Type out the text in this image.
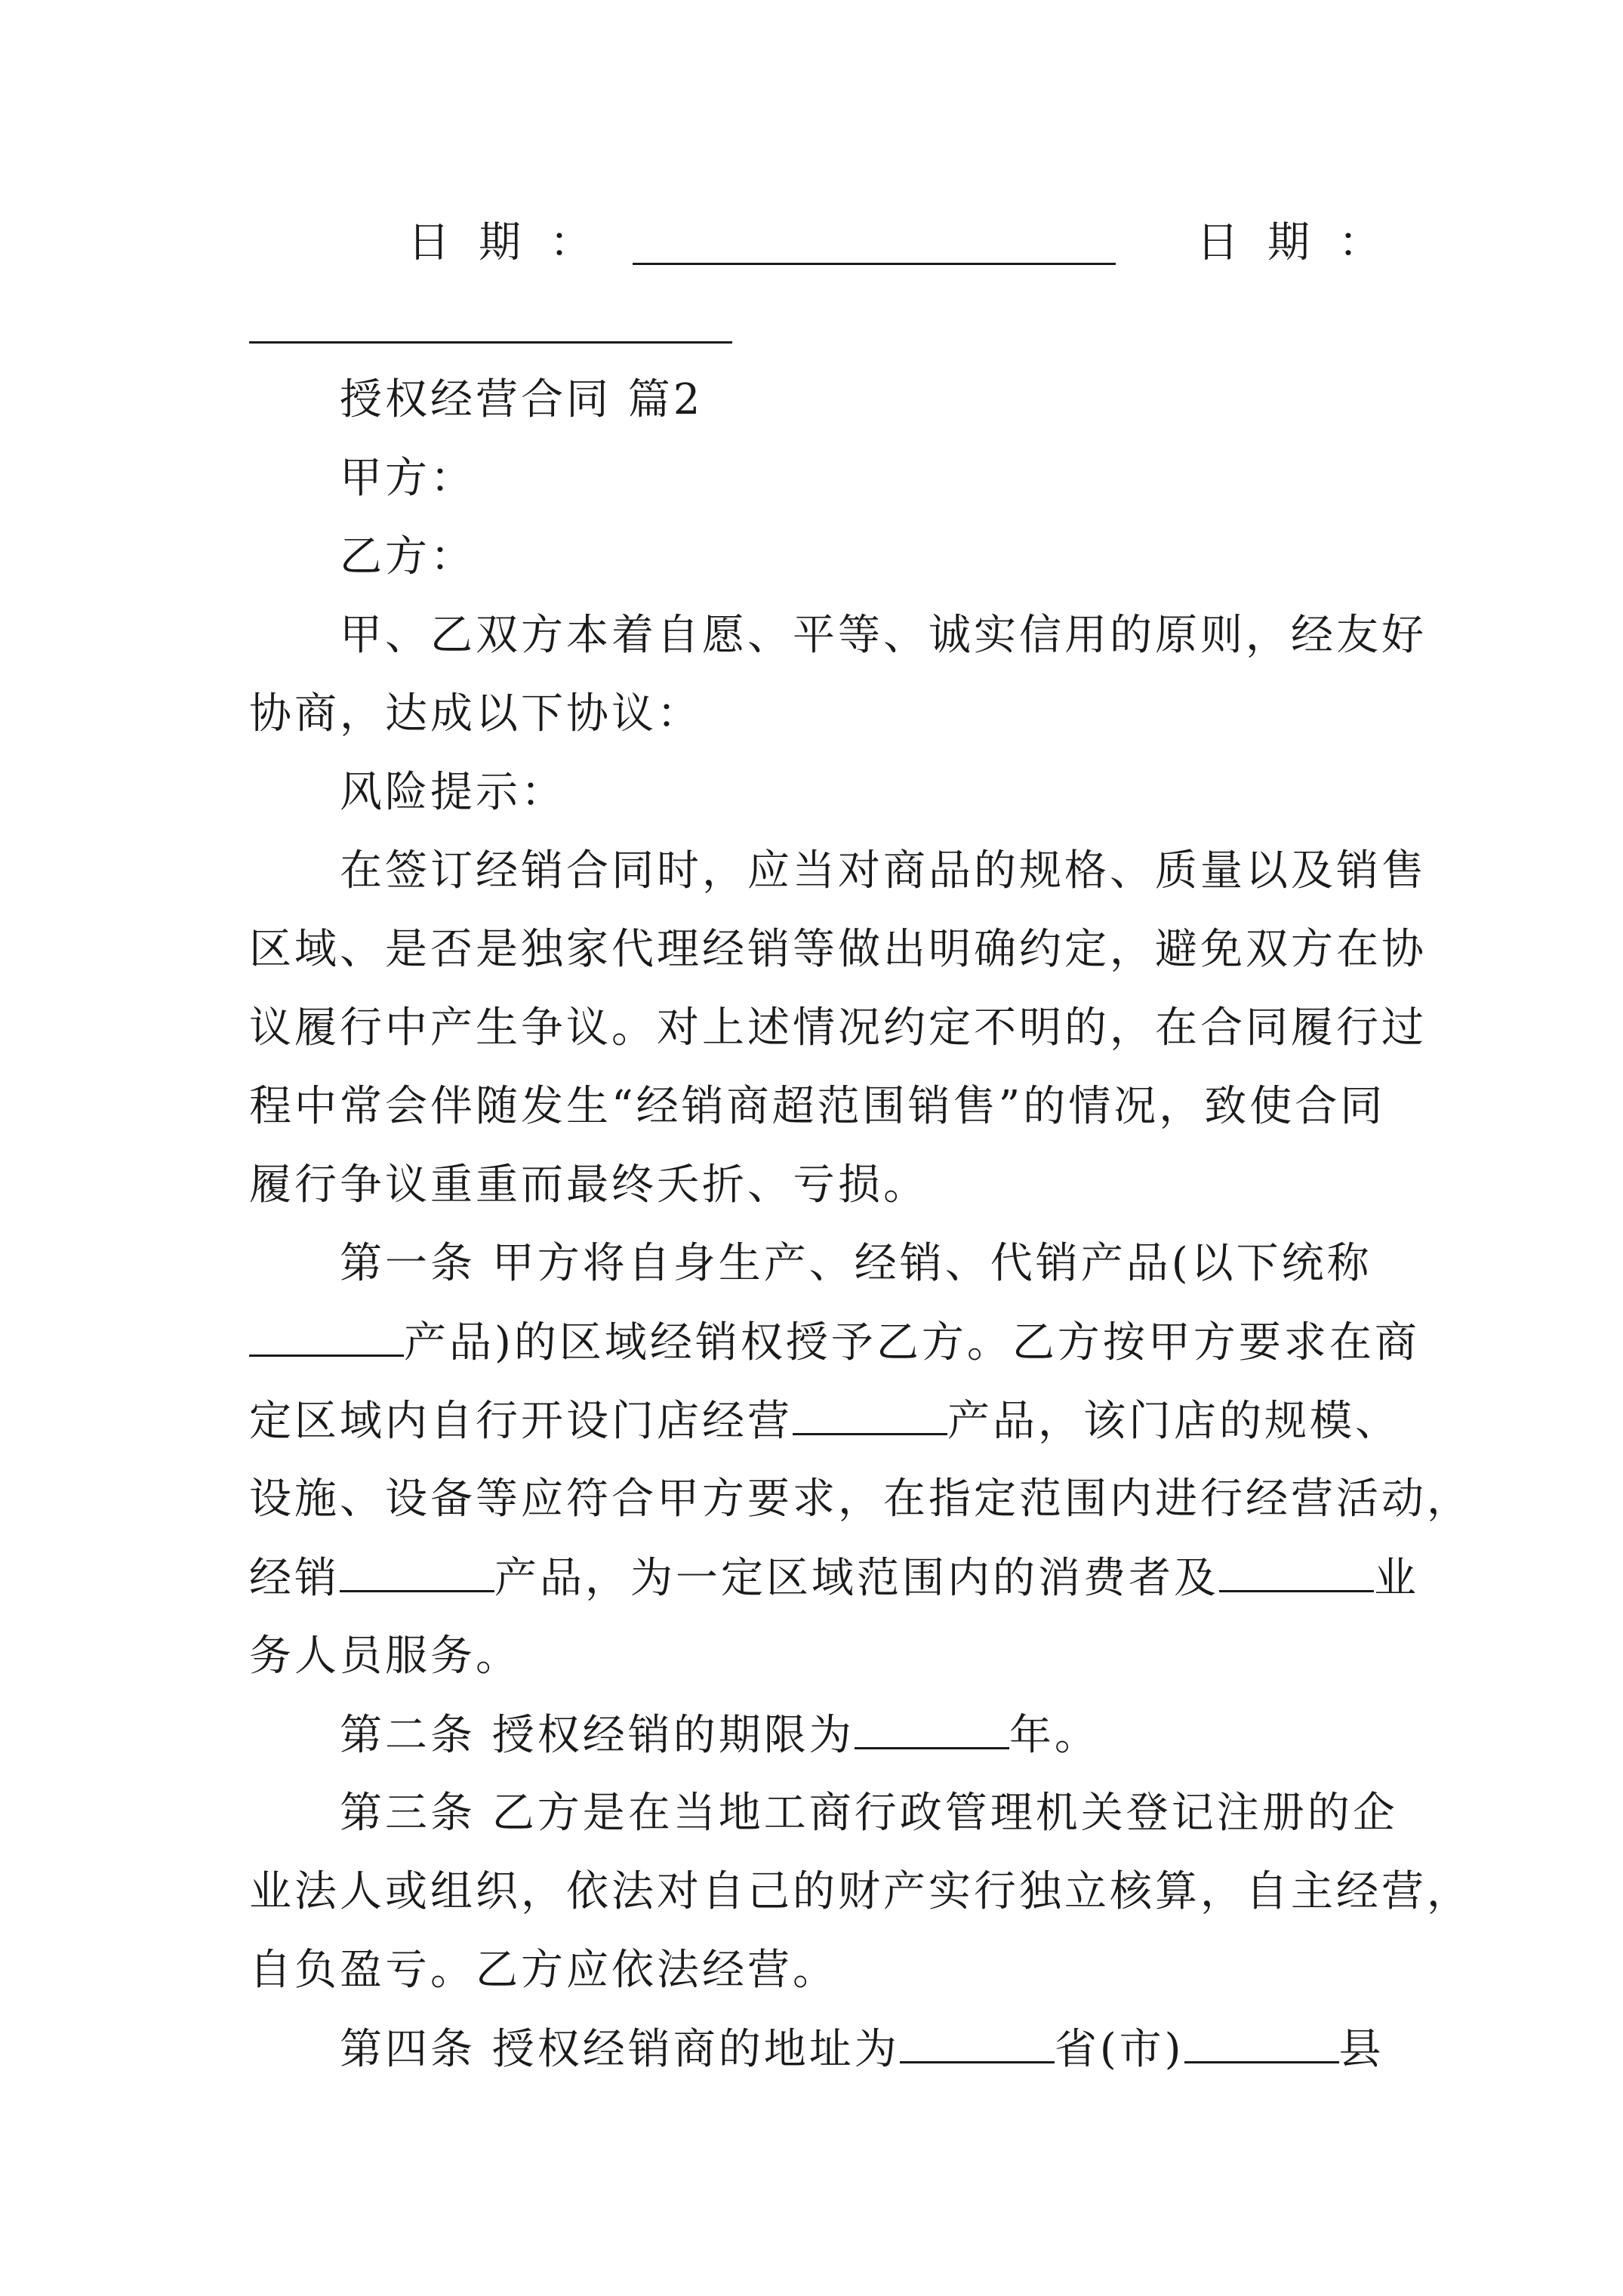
日期：	日期：
授权经营合同 篇2
甲方：
乙方：
甲、乙双方本着自愿、平等、诚实信用的原则，经友好
协商，达成以下协议：
风险提示：
在签订经销合同时，应当对商品的规格、质量以及销售
区域、是否是独家代理经销等做出明确约定，避免双方在协
议履行中产生争议。对上述情况约定不明的，在合同履行过
程中常会伴随发生“经销商超范围销售”的情况，致使合同
履行争议重重而最终夭折、亏损。
第一条 甲方将自身生产、经销、代销产品(以下统称
产品)的区域经销权授予乙方。乙方按甲方要求在商
定区域内自行开设门店经营	产品，该门店的规模、
设施、设备等应符合甲方要求，在指定范围内进行经营活动，
经销	产品，为一定区域范围内的消费者及	业
务人员服务。
第二条 授权经销的期限为	年。
第三条 乙方是在当地工商行政管理机关登记注册的企
业法人或组织，依法对自己的财产实行独立核算，自主经营，
自负盈亏。乙方应依法经营。
第四条 授权经销商的地址为	省(市)	县
